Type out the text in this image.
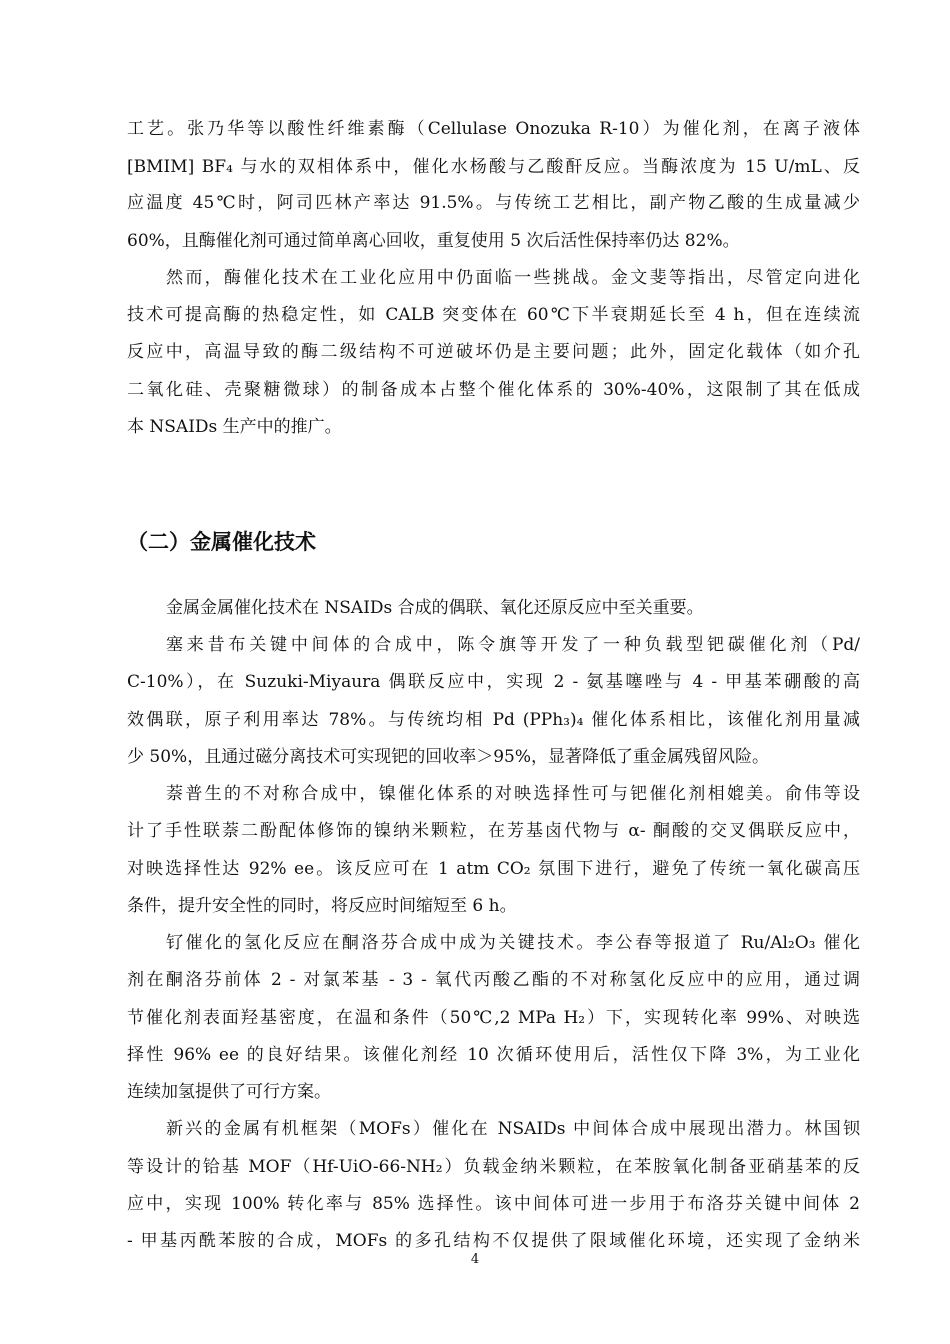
工艺。张乃华等以酸性纤维素酶（Cellulase Onozuka R-10）为催化剂，在离子液体
[BMIM] BF₄ 与水的双相体系中，催化水杨酸与乙酸酐反应。当酶浓度为 15 U/mL、反
应温度 45℃时，阿司匹林产率达 91.5%。与传统工艺相比，副产物乙酸的生成量减少
60%，且酶催化剂可通过简单离心回收，重复使用 5 次后活性保持率仍达 82%。
然而，酶催化技术在工业化应用中仍面临一些挑战。金文斐等指出，尽管定向进化
技术可提高酶的热稳定性，如 CALB 突变体在 60℃下半衰期延长至 4 h，但在连续流
反应中，高温导致的酶二级结构不可逆破坏仍是主要问题；此外，固定化载体（如介孔
二氧化硅、壳聚糖微球）的制备成本占整个催化体系的 30%-40%，这限制了其在低成
本 NSAIDs 生产中的推广。
（二）金属催化技术
金属金属催化技术在 NSAIDs 合成的偶联、氧化还原反应中至关重要。
塞来昔布关键中间体的合成中，陈令旗等开发了一种负载型钯碳催化剂（Pd/
C-10%），在 Suzuki-Miyaura 偶联反应中，实现 2 - 氨基噻唑与 4 - 甲基苯硼酸的高
效偶联，原子利用率达 78%。与传统均相 Pd (PPh₃)₄ 催化体系相比，该催化剂用量减
少 50%，且通过磁分离技术可实现钯的回收率＞95%，显著降低了重金属残留风险。
萘普生的不对称合成中，镍催化体系的对映选择性可与钯催化剂相媲美。俞伟等设
计了手性联萘二酚配体修饰的镍纳米颗粒，在芳基卤代物与 α- 酮酸的交叉偶联反应中，
对映选择性达 92% ee。该反应可在 1 atm CO₂ 氛围下进行，避免了传统一氧化碳高压
条件，提升安全性的同时，将反应时间缩短至 6 h。
钌催化的氢化反应在酮洛芬合成中成为关键技术。李公春等报道了 Ru/Al₂O₃ 催化
剂在酮洛芬前体 2 - 对氯苯基 - 3 - 氧代丙酸乙酯的不对称氢化反应中的应用，通过调
节催化剂表面羟基密度，在温和条件（50℃,2 MPa H₂）下，实现转化率 99%、对映选
择性 96% ee 的良好结果。该催化剂经 10 次循环使用后，活性仅下降 3%，为工业化
连续加氢提供了可行方案。
新兴的金属有机框架（MOFs）催化在 NSAIDs 中间体合成中展现出潜力。林国钡
等设计的铪基 MOF（Hf-UiO-66-NH₂）负载金纳米颗粒，在苯胺氧化制备亚硝基苯的反
应中，实现 100% 转化率与 85% 选择性。该中间体可进一步用于布洛芬关键中间体 2
- 甲基丙酰苯胺的合成，MOFs 的多孔结构不仅提供了限域催化环境，还实现了金纳米
4
